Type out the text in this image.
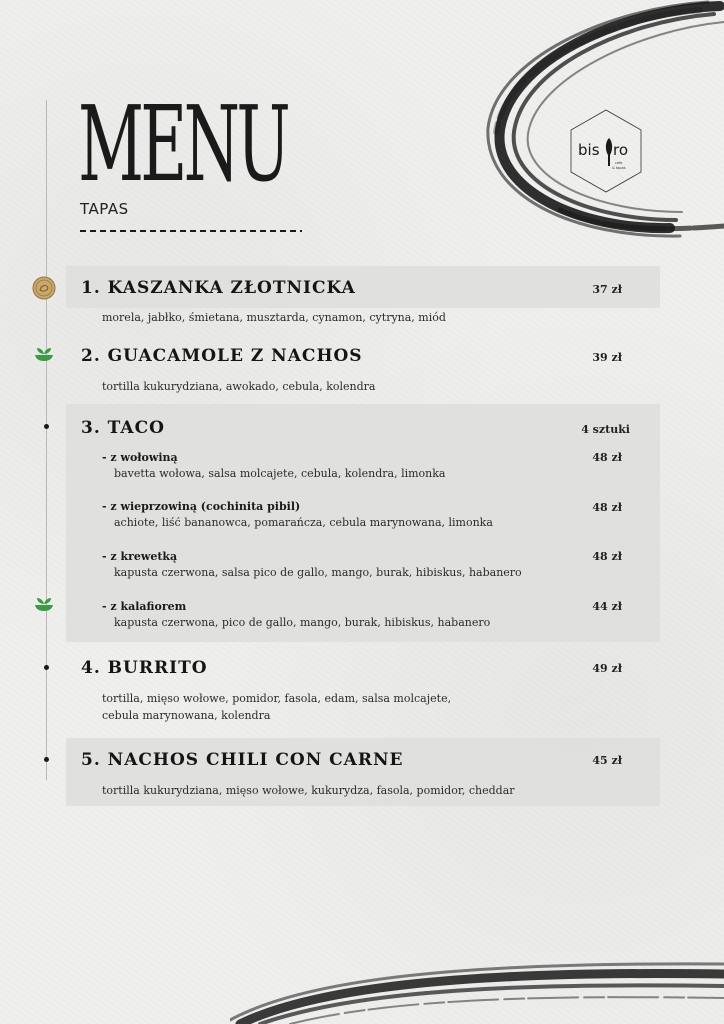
MENU
TAPAS
bis ro
cafe
& tapas
1. KASZANKA ZŁOTNICKA	37 zł
morela, jabłko, śmietana, musztarda, cynamon, cytryna, miód
2. GUACAMOLE Z NACHOS	39 zł
tortilla kukurydziana, awokado, cebula, kolendra
3. TACO	4 sztuki
- z wołowiną	48 zł
bavetta wołowa, salsa molcajete, cebula, kolendra, limonka
- z wieprzowiną (cochinita pibil)	48 zł
achiote, liść bananowca, pomarańcza, cebula marynowana, limonka
- z krewetką	48 zł
kapusta czerwona, salsa pico de gallo, mango, burak, hibiskus, habanero
- z kalafiorem	44 zł
kapusta czerwona, pico de gallo, mango, burak, hibiskus, habanero
4. BURRITO	49 zł
tortilla, mięso wołowe, pomidor, fasola, edam, salsa molcajete,
cebula marynowana, kolendra
5. NACHOS CHILI CON CARNE	45 zł
tortilla kukurydziana, mięso wołowe, kukurydza, fasola, pomidor, cheddar
